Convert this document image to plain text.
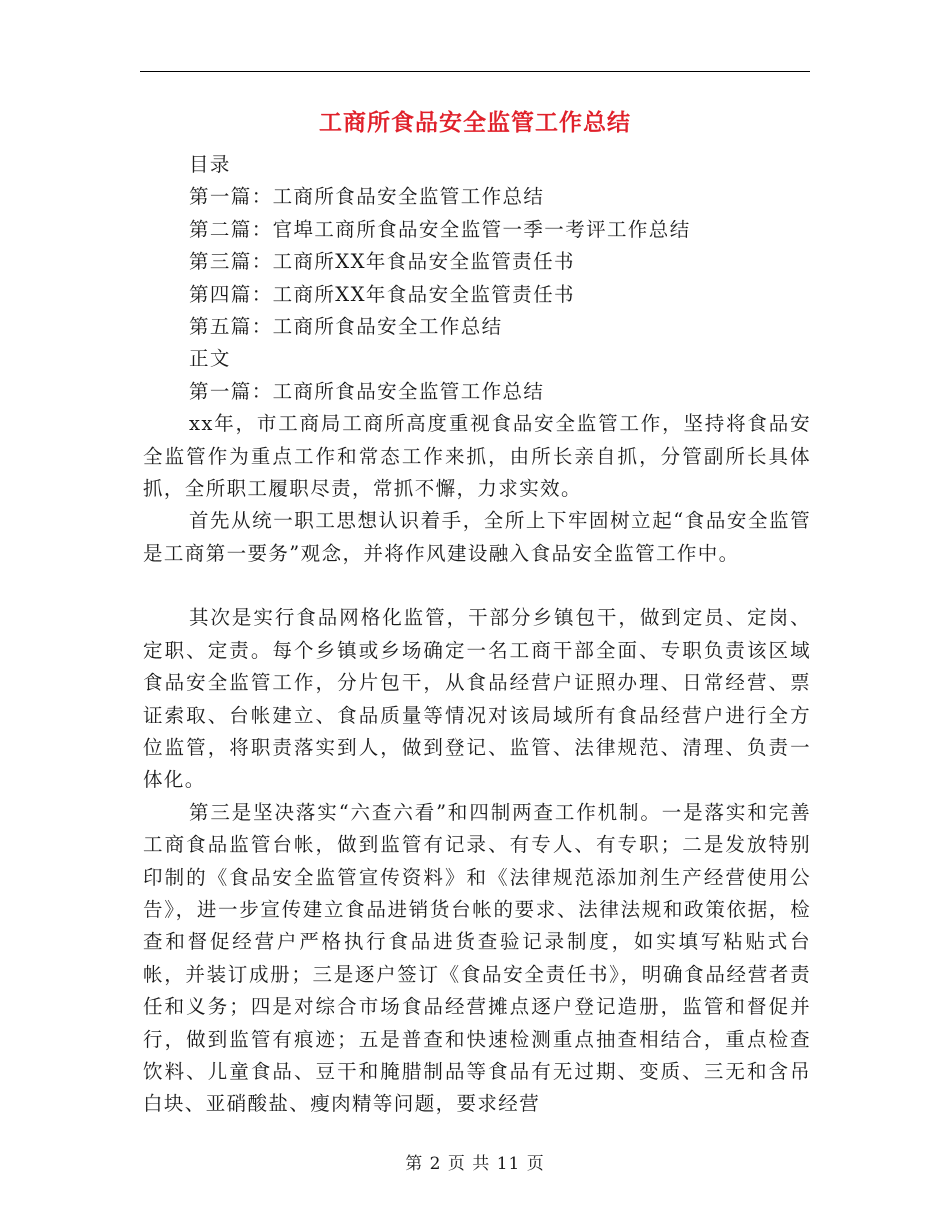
工商所食品安全监管工作总结

目录

第一篇：工商所食品安全监管工作总结

第二篇：官埠工商所食品安全监管一季一考评工作总结

第三篇：工商所XX年食品安全监管责任书

第四篇：工商所XX年食品安全监管责任书

第五篇：工商所食品安全工作总结

正文

第一篇：工商所食品安全监管工作总结

xx年，市工商局工商所高度重视食品安全监管工作，坚持将食品安全监管作为重点工作和常态工作来抓，由所长亲自抓，分管副所长具体抓，全所职工履职尽责，常抓不懈，力求实效。

首先从统一职工思想认识着手，全所上下牢固树立起“食品安全监管是工商第一要务”观念，并将作风建设融入食品安全监管工作中。

其次是实行食品网格化监管，干部分乡镇包干，做到定员、定岗、定职、定责。每个乡镇或乡场确定一名工商干部全面、专职负责该区域食品安全监管工作，分片包干，从食品经营户证照办理、日常经营、票证索取、台帐建立、食品质量等情况对该局域所有食品经营户进行全方位监管，将职责落实到人，做到登记、监管、法律规范、清理、负责一体化。

第三是坚决落实“六查六看”和四制两查工作机制。一是落实和完善工商食品监管台帐，做到监管有记录、有专人、有专职；二是发放特别印制的《食品安全监管宣传资料》和《法律规范添加剂生产经营使用公告》，进一步宣传建立食品进销货台帐的要求、法律法规和政策依据，检查和督促经营户严格执行食品进货查验记录制度，如实填写粘贴式台帐，并装订成册；三是逐户签订《食品安全责任书》，明确食品经营者责任和义务；四是对综合市场食品经营摊点逐户登记造册，监管和督促并行，做到监管有痕迹；五是普查和快速检测重点抽查相结合，重点检查饮料、儿童食品、豆干和腌腊制品等食品有无过期、变质、三无和含吊白块、亚硝酸盐、瘦肉精等问题，要求经营

第 2 页 共 11 页
